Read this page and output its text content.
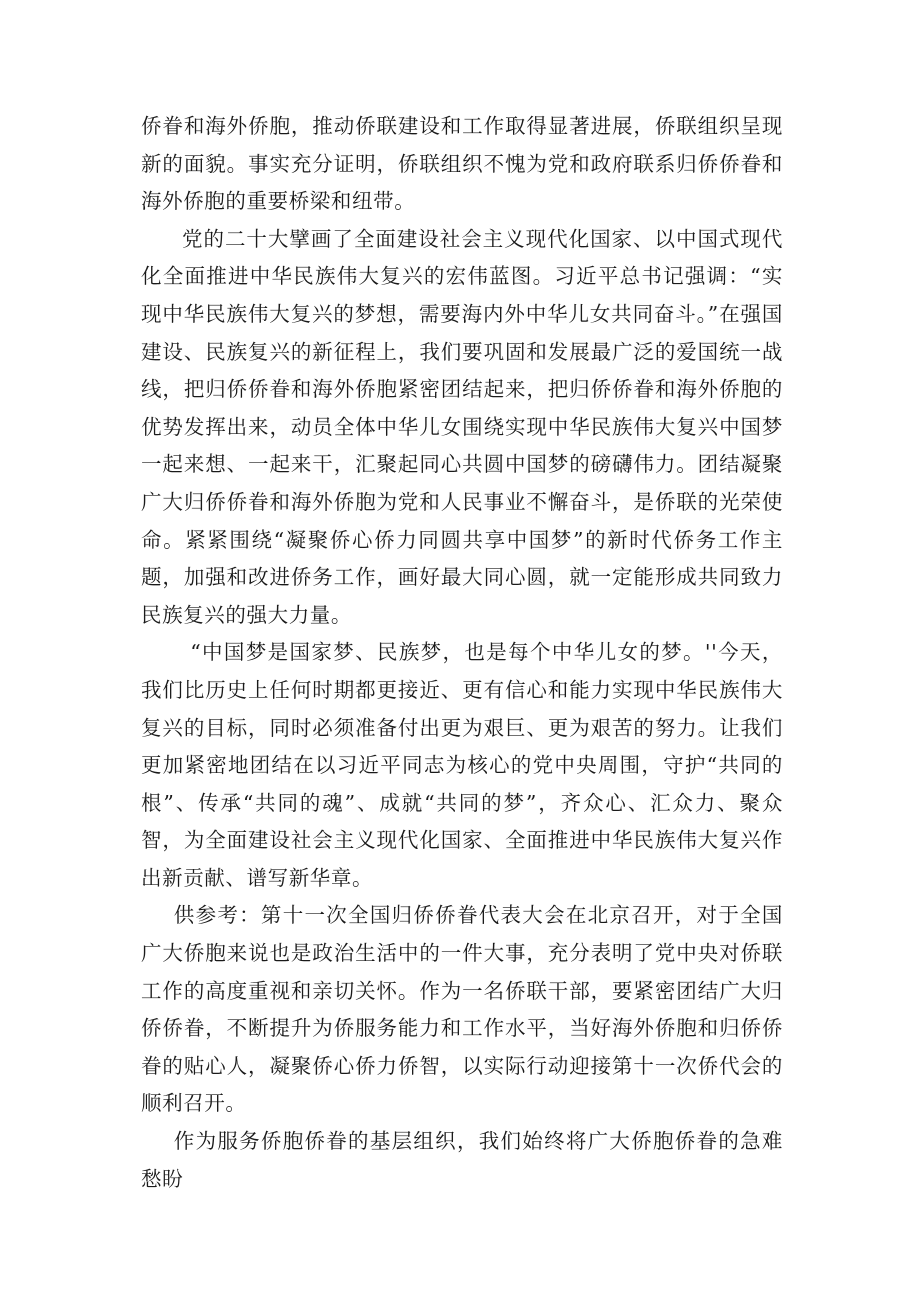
侨眷和海外侨胞，推动侨联建设和工作取得显著进展，侨联组织呈现新的面貌。事实充分证明，侨联组织不愧为党和政府联系归侨侨眷和海外侨胞的重要桥梁和纽带。

党的二十大擘画了全面建设社会主义现代化国家、以中国式现代化全面推进中华民族伟大复兴的宏伟蓝图。习近平总书记强调：“实现中华民族伟大复兴的梦想，需要海内外中华儿女共同奋斗。”在强国建设、民族复兴的新征程上，我们要巩固和发展最广泛的爱国统一战线，把归侨侨眷和海外侨胞紧密团结起来，把归侨侨眷和海外侨胞的优势发挥出来，动员全体中华儿女围绕实现中华民族伟大复兴中国梦一起来想、一起来干，汇聚起同心共圆中国梦的磅礴伟力。团结凝聚广大归侨侨眷和海外侨胞为党和人民事业不懈奋斗，是侨联的光荣使命。紧紧围绕“凝聚侨心侨力同圆共享中国梦”的新时代侨务工作主题，加强和改进侨务工作，画好最大同心圆，就一定能形成共同致力民族复兴的强大力量。

“中国梦是国家梦、民族梦，也是每个中华儿女的梦。''今天，我们比历史上任何时期都更接近、更有信心和能力实现中华民族伟大复兴的目标，同时必须准备付出更为艰巨、更为艰苦的努力。让我们更加紧密地团结在以习近平同志为核心的党中央周围，守护“共同的根”、传承“共同的魂”、成就“共同的梦”，齐众心、汇众力、聚众智，为全面建设社会主义现代化国家、全面推进中华民族伟大复兴作出新贡献、谱写新华章。

供参考：第十一次全国归侨侨眷代表大会在北京召开，对于全国广大侨胞来说也是政治生活中的一件大事，充分表明了党中央对侨联工作的高度重视和亲切关怀。作为一名侨联干部，要紧密团结广大归侨侨眷，不断提升为侨服务能力和工作水平，当好海外侨胞和归侨侨眷的贴心人，凝聚侨心侨力侨智，以实际行动迎接第十一次侨代会的顺利召开。

作为服务侨胞侨眷的基层组织，我们始终将广大侨胞侨眷的急难愁盼
